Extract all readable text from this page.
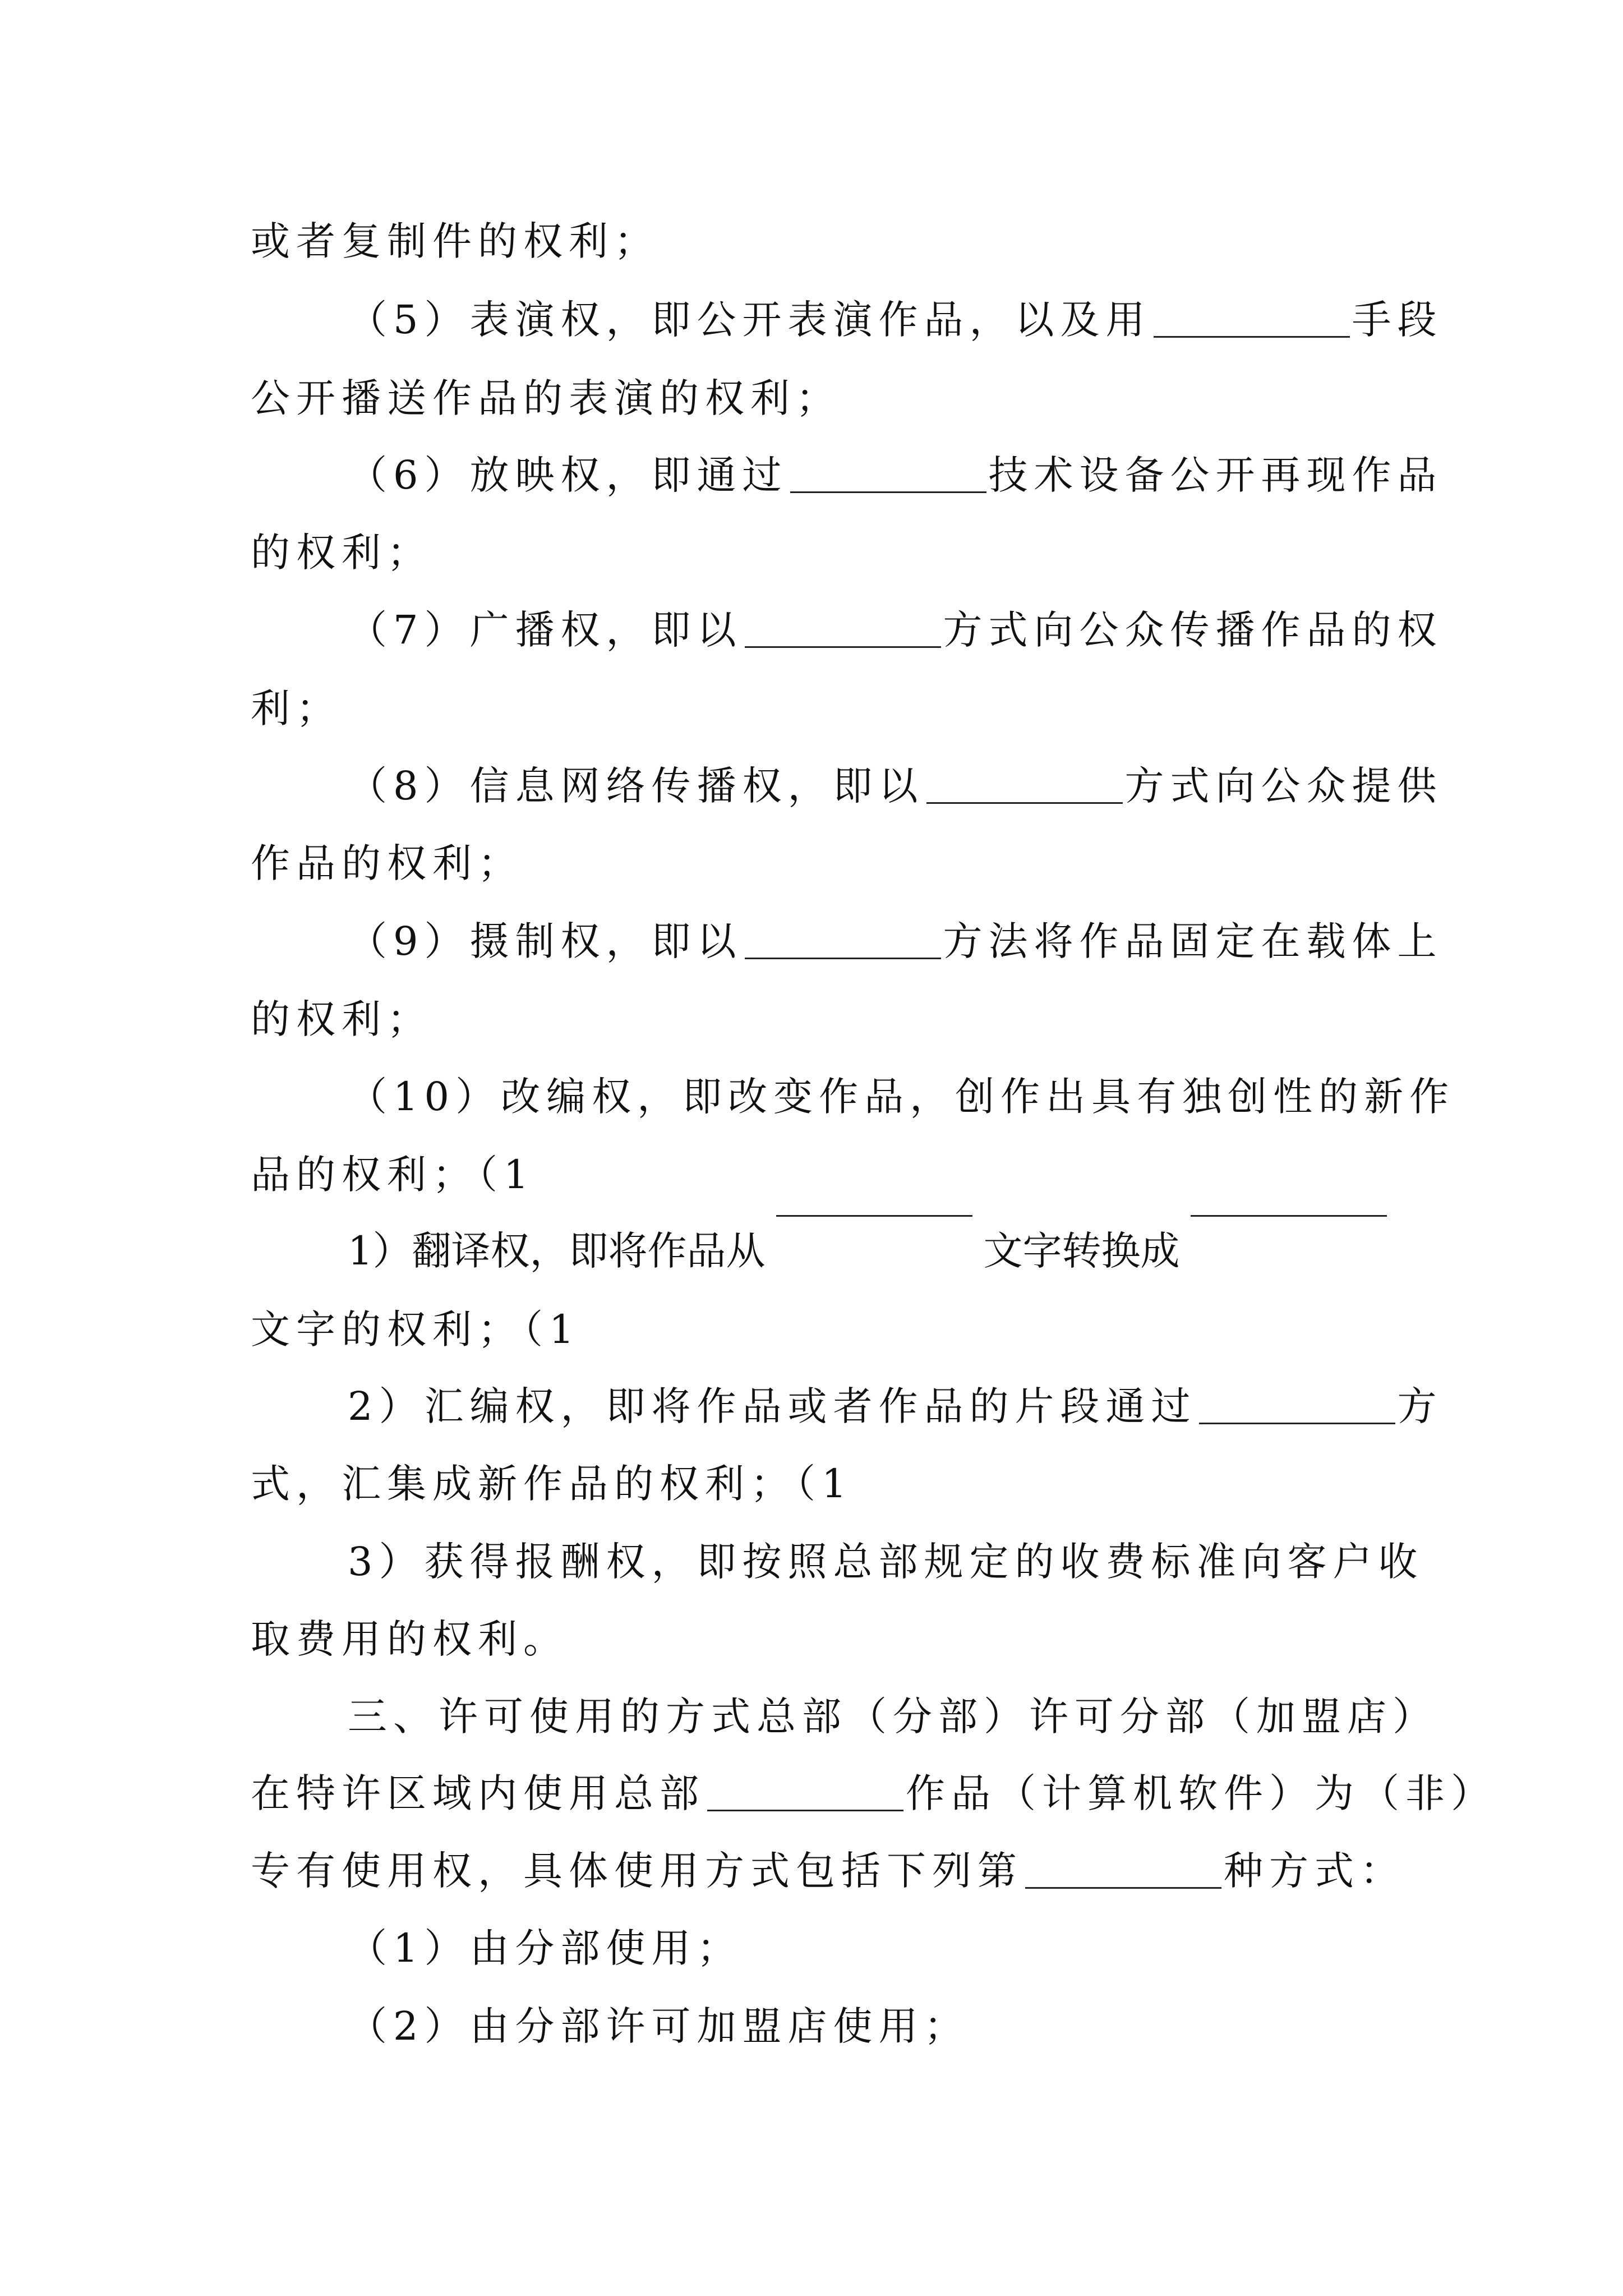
或者复制件的权利；

（5）表演权，即公开表演作品，以及用	手段

公开播送作品的表演的权利；

（6）放映权，即通过	技术设备公开再现作品

的权利；

（7）广播权，即以	方式向公众传播作品的权

利；

（8）信息网络传播权，即以	方式向公众提供

作品的权利；

（9）摄制权，即以	方法将作品固定在载体上

的权利；

（10）改编权，即改变作品，创作出具有独创性的新作

品的权利；（1

1）翻译权，即将作品从	文字转换成

文字的权利；（1

2）汇编权，即将作品或者作品的片段通过	方

式，汇集成新作品的权利；（1

3）获得报酬权，即按照总部规定的收费标准向客户收

取费用的权利。

三、许可使用的方式总部（分部）许可分部（加盟店）

在特许区域内使用总部	作品（计算机软件）为（非）

专有使用权，具体使用方式包括下列第	种方式：

（1）由分部使用；

（2）由分部许可加盟店使用；
